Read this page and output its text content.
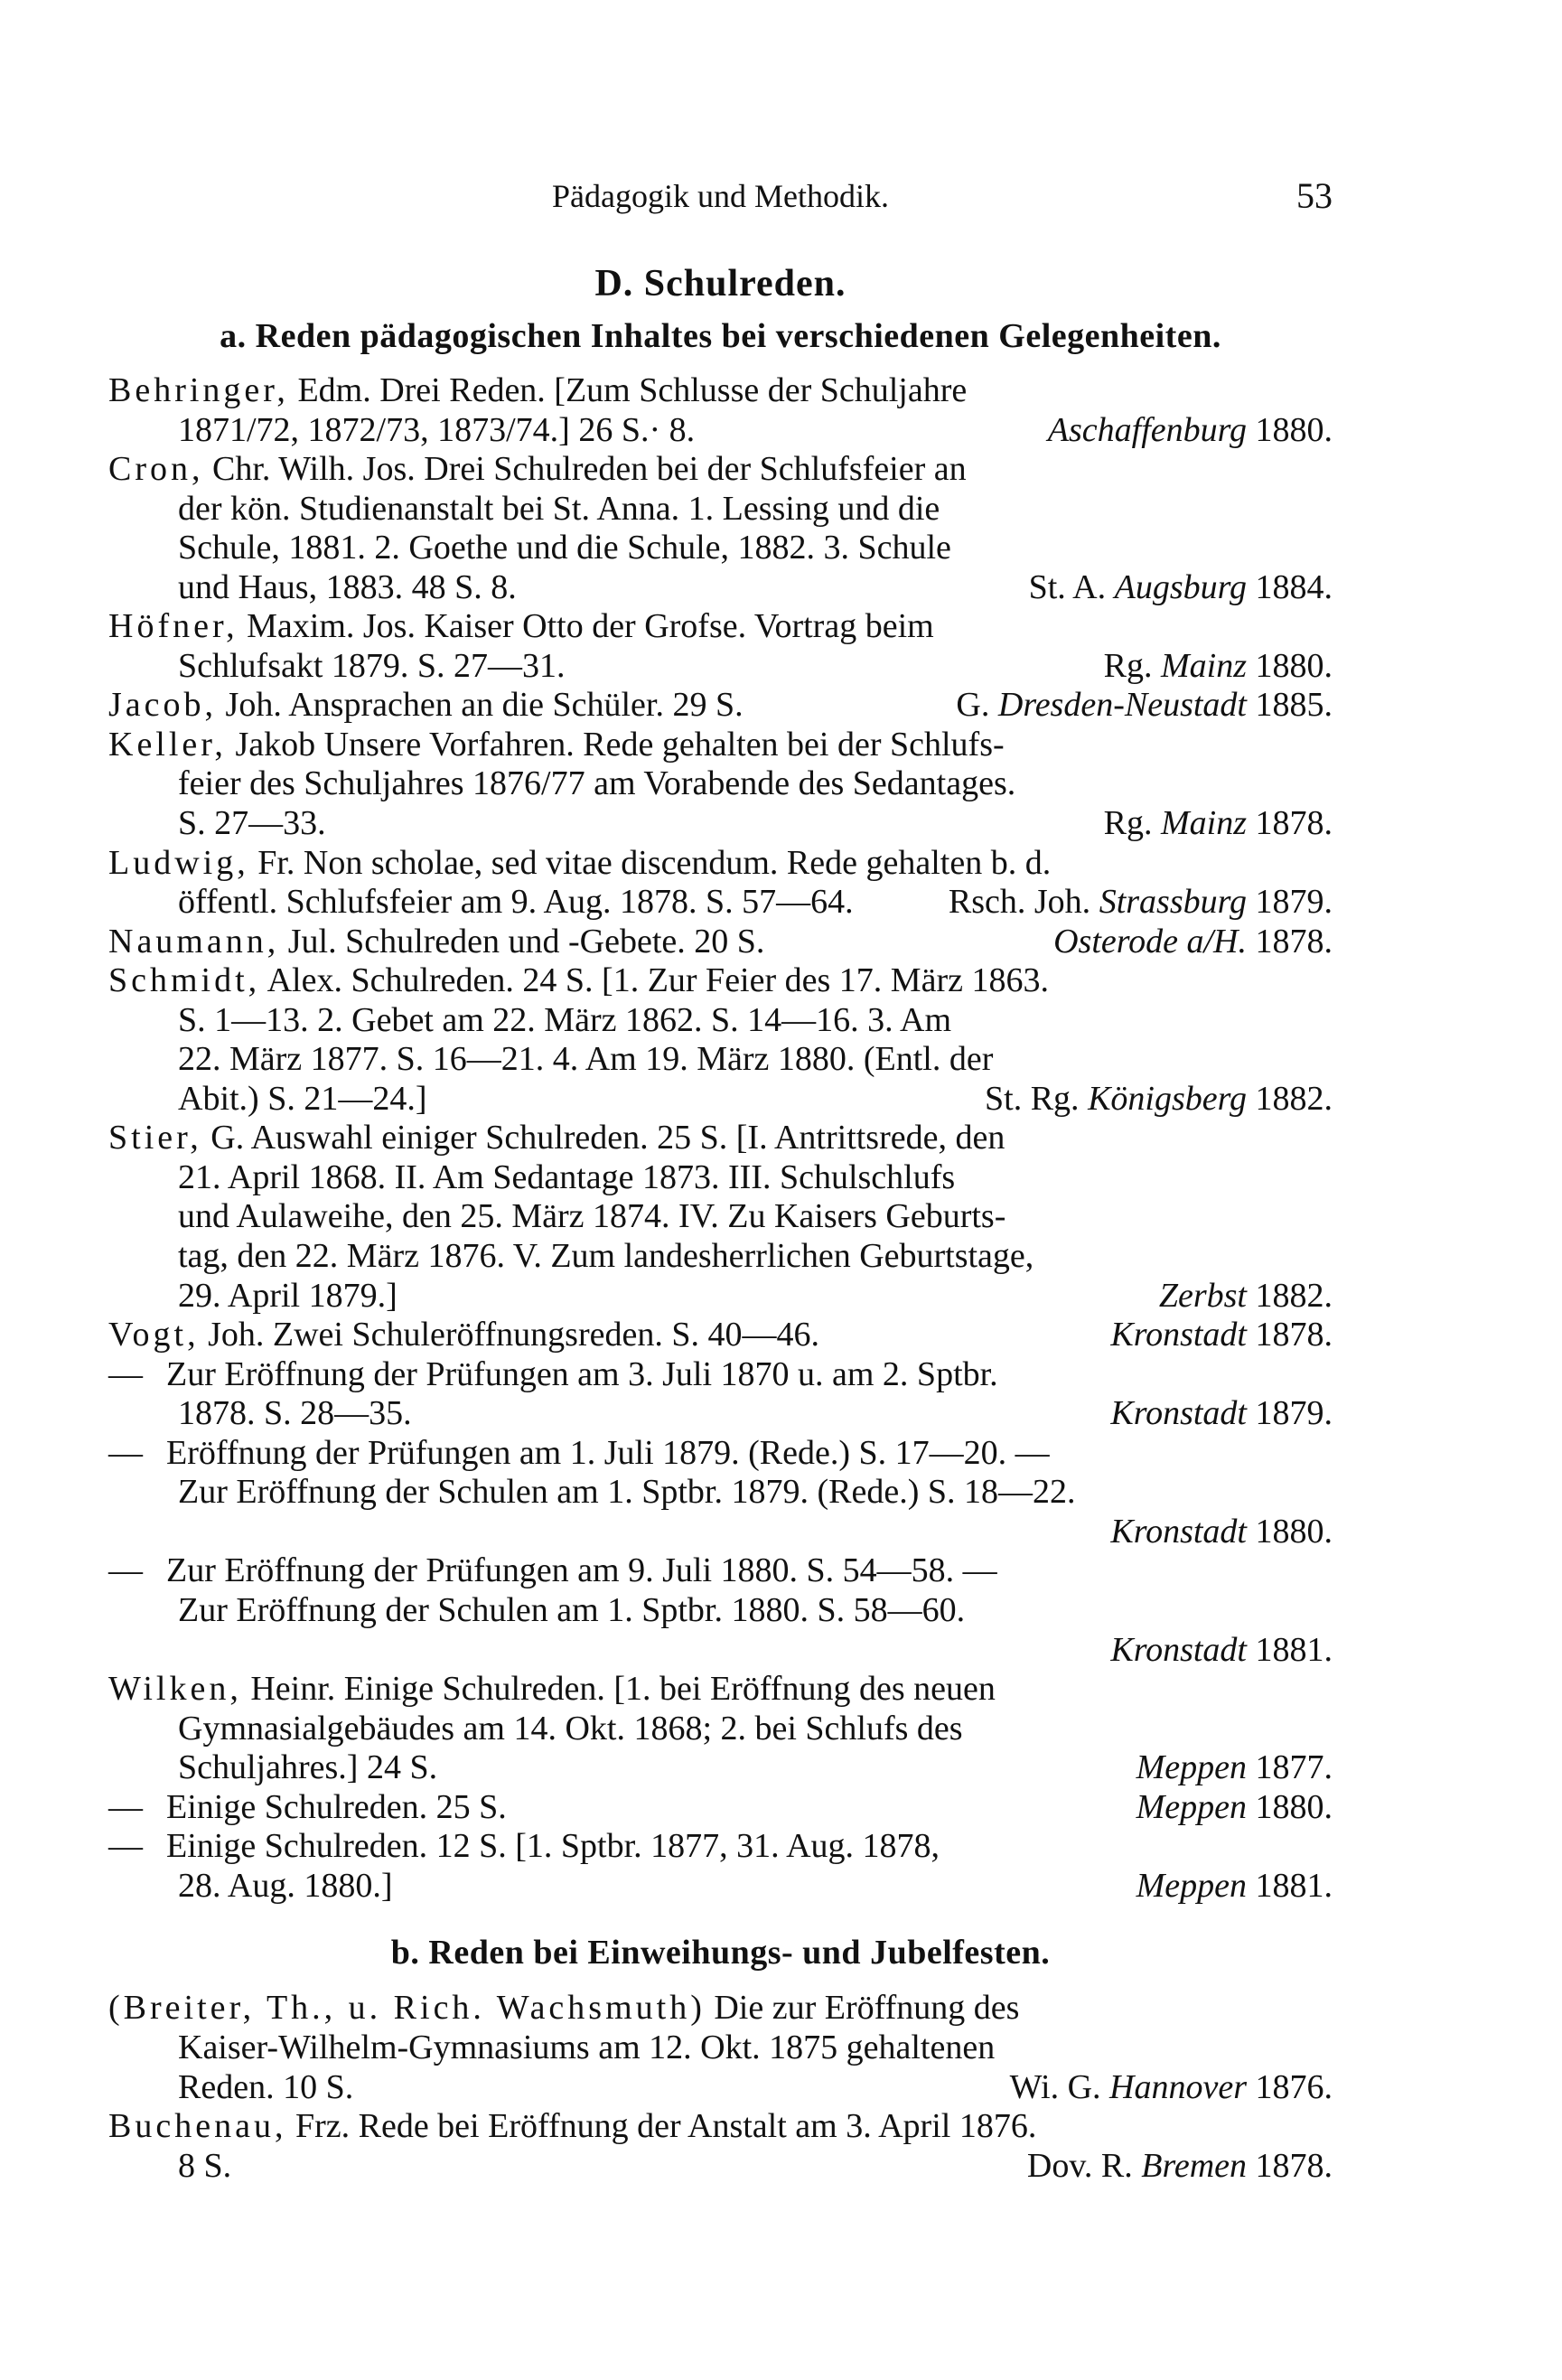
Pädagogik und Methodik.	53
D. Schulreden.
a. Reden pädagogischen Inhaltes bei verschiedenen Gelegenheiten.
Behringer, Edm. Drei Reden. [Zum Schlusse der Schuljahre
1871/72, 1872/73, 1873/74.] 26 S.· 8.	Aschaffenburg 1880.
Cron, Chr. Wilh. Jos. Drei Schulreden bei der Schlufsfeier an
der kön. Studienanstalt bei St. Anna. 1. Lessing und die
Schule, 1881. 2. Goethe und die Schule, 1882. 3. Schule
und Haus, 1883. 48 S. 8.	St. A. Augsburg 1884.
Höfner, Maxim. Jos. Kaiser Otto der Grofse. Vortrag beim
Schlufsakt 1879. S. 27—31.	Rg. Mainz 1880.
Jacob, Joh. Ansprachen an die Schüler. 29 S.	G. Dresden-Neustadt 1885.
Keller, Jakob Unsere Vorfahren. Rede gehalten bei der Schlufs-
feier des Schuljahres 1876/77 am Vorabende des Sedantages.
S. 27—33.	Rg. Mainz 1878.
Ludwig, Fr. Non scholae, sed vitae discendum. Rede gehalten b. d.
öffentl. Schlufsfeier am 9. Aug. 1878. S. 57—64.	Rsch. Joh. Strassburg 1879.
Naumann, Jul. Schulreden und -Gebete. 20 S.	Osterode a/H. 1878.
Schmidt, Alex. Schulreden. 24 S. [1. Zur Feier des 17. März 1863.
S. 1—13. 2. Gebet am 22. März 1862. S. 14—16. 3. Am
22. März 1877. S. 16—21. 4. Am 19. März 1880. (Entl. der
Abit.) S. 21—24.]	St. Rg. Königsberg 1882.
Stier, G. Auswahl einiger Schulreden. 25 S. [I. Antrittsrede, den
21. April 1868. II. Am Sedantage 1873. III. Schulschlufs
und Aulaweihe, den 25. März 1874. IV. Zu Kaisers Geburts-
tag, den 22. März 1876. V. Zum landesherrlichen Geburtstage,
29. April 1879.]	Zerbst 1882.
Vogt, Joh. Zwei Schuleröffnungsreden. S. 40—46.	Kronstadt 1878.
— Zur Eröffnung der Prüfungen am 3. Juli 1870 u. am 2. Sptbr.
1878. S. 28—35.	Kronstadt 1879.
— Eröffnung der Prüfungen am 1. Juli 1879. (Rede.) S. 17—20. —
Zur Eröffnung der Schulen am 1. Sptbr. 1879. (Rede.) S. 18—22.
Kronstadt 1880.
— Zur Eröffnung der Prüfungen am 9. Juli 1880. S. 54—58. —
Zur Eröffnung der Schulen am 1. Sptbr. 1880. S. 58—60.
Kronstadt 1881.
Wilken, Heinr. Einige Schulreden. [1. bei Eröffnung des neuen
Gymnasialgebäudes am 14. Okt. 1868; 2. bei Schlufs des
Schuljahres.] 24 S.	Meppen 1877.
— Einige Schulreden. 25 S.	Meppen 1880.
— Einige Schulreden. 12 S. [1. Sptbr. 1877, 31. Aug. 1878,
28. Aug. 1880.]	Meppen 1881.
b. Reden bei Einweihungs- und Jubelfesten.
(Breiter, Th., u. Rich. Wachsmuth) Die zur Eröffnung des
Kaiser-Wilhelm-Gymnasiums am 12. Okt. 1875 gehaltenen
Reden. 10 S.	Wi. G. Hannover 1876.
Buchenau, Frz. Rede bei Eröffnung der Anstalt am 3. April 1876.
8 S.	Dov. R. Bremen 1878.
